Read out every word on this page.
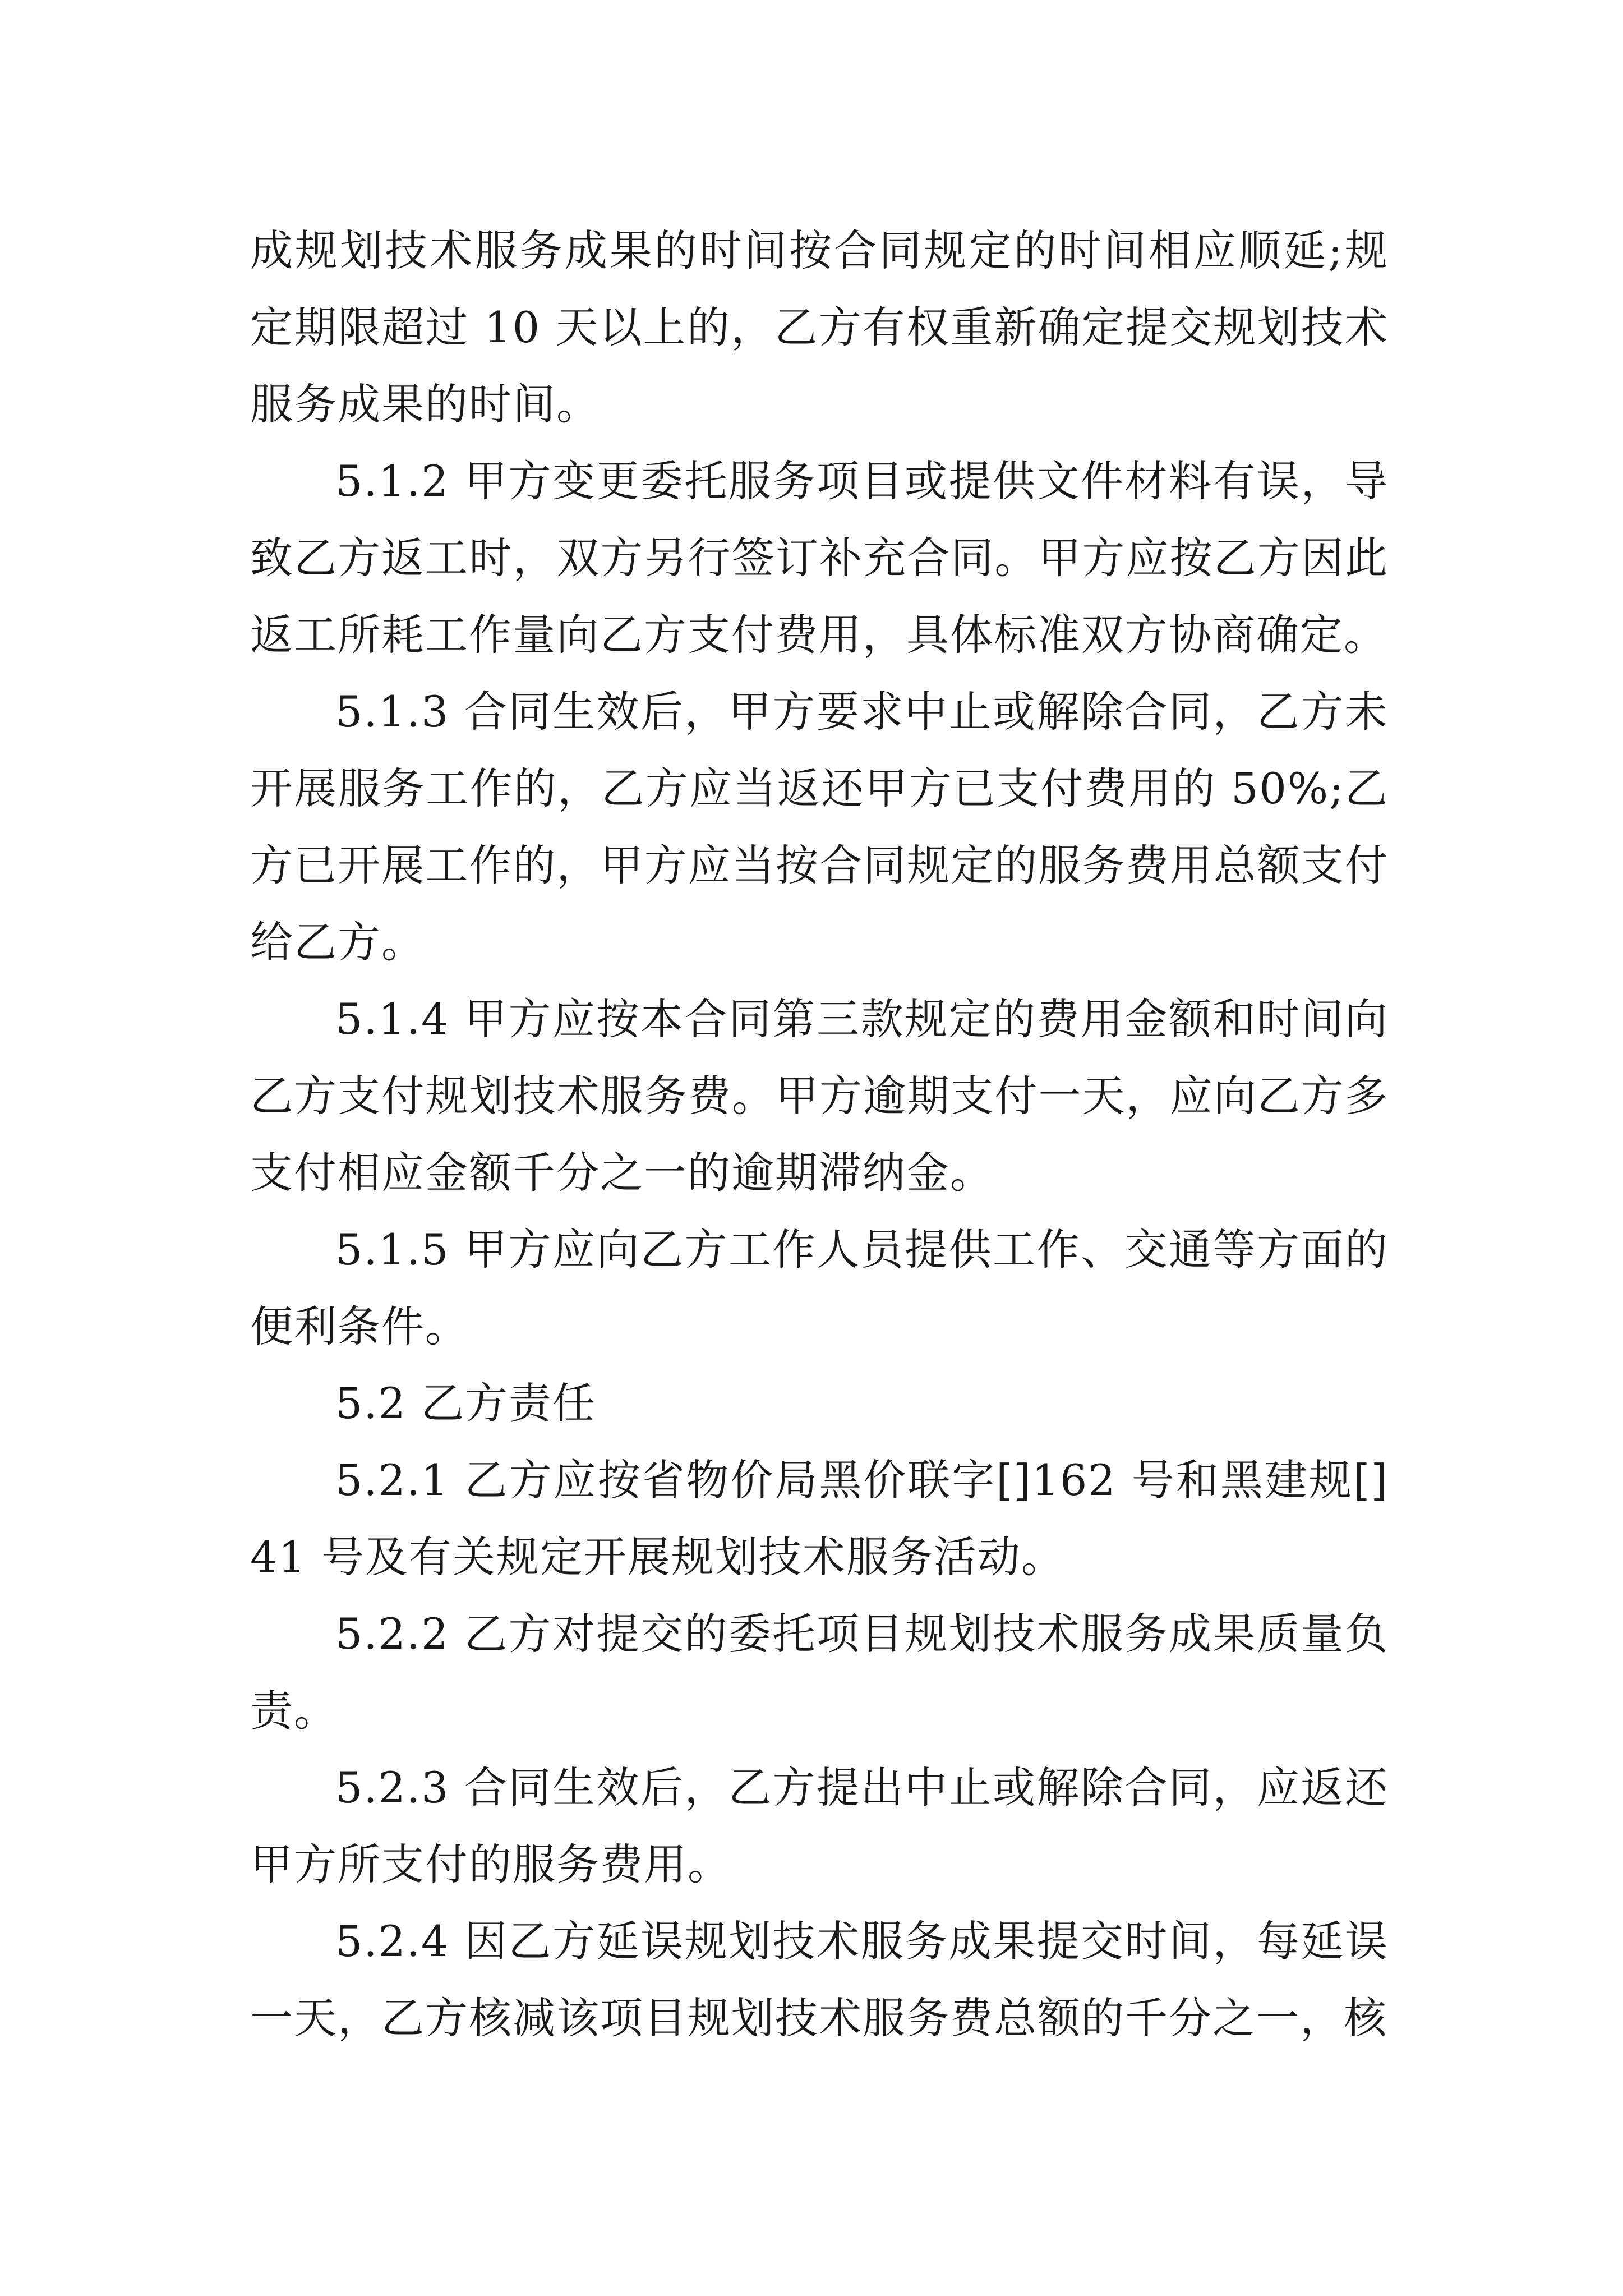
成规划技术服务成果的时间按合同规定的时间相应顺延;规定期限超过 10 天以上的，乙方有权重新确定提交规划技术服务成果的时间。

5.1.2 甲方变更委托服务项目或提供文件材料有误，导致乙方返工时，双方另行签订补充合同。甲方应按乙方因此返工所耗工作量向乙方支付费用，具体标准双方协商确定。

5.1.3 合同生效后，甲方要求中止或解除合同，乙方未开展服务工作的，乙方应当返还甲方已支付费用的 50%;乙方已开展工作的，甲方应当按合同规定的服务费用总额支付给乙方。

5.1.4 甲方应按本合同第三款规定的费用金额和时间向乙方支付规划技术服务费。甲方逾期支付一天，应向乙方多支付相应金额千分之一的逾期滞纳金。

5.1.5 甲方应向乙方工作人员提供工作、交通等方面的便利条件。

5.2 乙方责任

5.2.1 乙方应按省物价局黑价联字[]162 号和黑建规[]41 号及有关规定开展规划技术服务活动。

5.2.2 乙方对提交的委托项目规划技术服务成果质量负责。

5.2.3 合同生效后，乙方提出中止或解除合同，应返还甲方所支付的服务费用。

5.2.4 因乙方延误规划技术服务成果提交时间，每延误一天，乙方核减该项目规划技术服务费总额的千分之一，核
